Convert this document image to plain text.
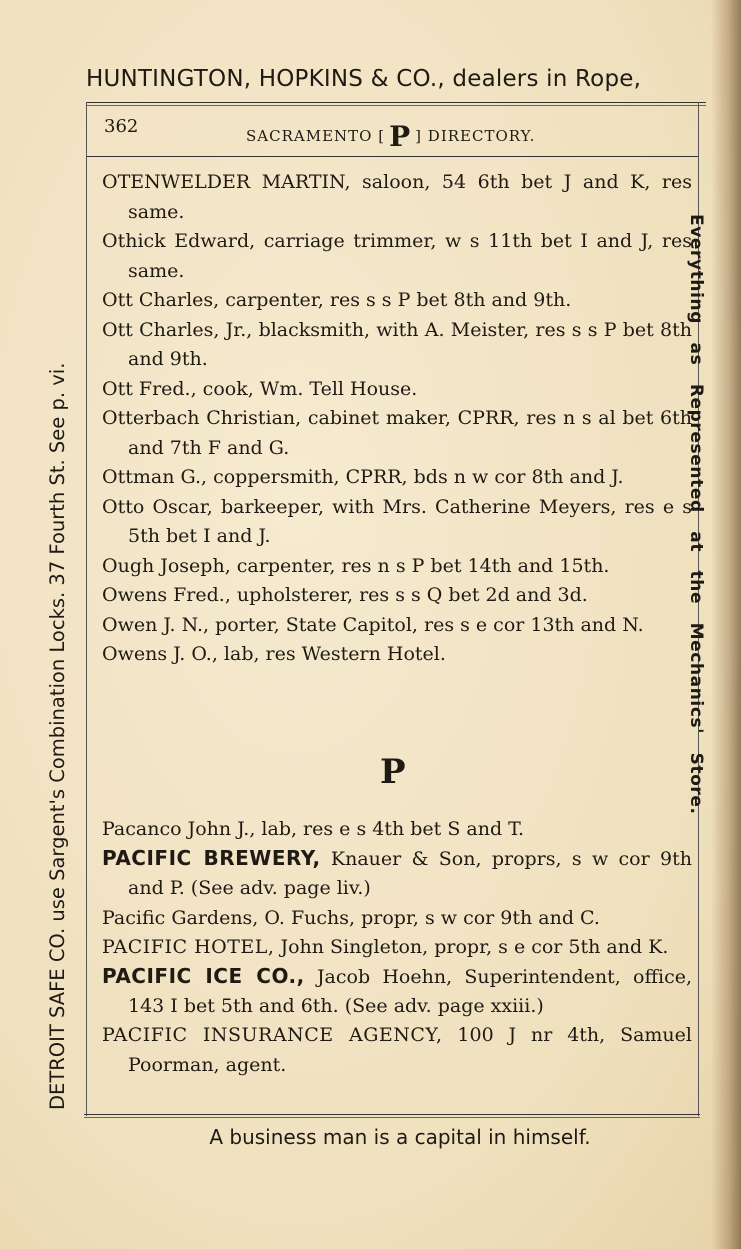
HUNTINGTON, HOPKINS & CO., dealers in Rope,
362	SACRAMENTO [ P ] DIRECTORY.

OTENWELDER MARTIN, saloon, 54 6th bet J and K, res same.

Othick Edward, carriage trimmer, w s 11th bet I and J, res same.

Ott Charles, carpenter, res s s P bet 8th and 9th.

Ott Charles, Jr., blacksmith, with A. Meister, res s s P bet 8th and 9th.

Ott Fred., cook, Wm. Tell House.

Otterbach Christian, cabinet maker, CPRR, res n s al bet 6th and 7th F and G.

Ottman G., coppersmith, CPRR, bds n w cor 8th and J.

Otto Oscar, barkeeper, with Mrs. Catherine Meyers, res e s 5th bet I and J.

Ough Joseph, carpenter, res n s P bet 14th and 15th.

Owens Fred., upholsterer, res s s Q bet 2d and 3d.

Owen J. N., porter, State Capitol, res s e cor 13th and N.

Owens J. O., lab, res Western Hotel.

P

Pacanco John J., lab, res e s 4th bet S and T.

PACIFIC BREWERY, Knauer & Son, proprs, s w cor 9th and P. (See adv. page liv.)

Pacific Gardens, O. Fuchs, propr, s w cor 9th and C.

PACIFIC HOTEL, John Singleton, propr, s e cor 5th and K.

PACIFIC ICE CO., Jacob Hoehn, Superintendent, office, 143 I bet 5th and 6th. (See adv. page xxiii.)

PACIFIC INSURANCE AGENCY, 100 J nr 4th, Samuel Poorman, agent.

A business man is a capital in himself.
DETROIT SAFE CO. use Sargent's Combination Locks. 37 Fourth St. See p. vi.	Everything as Represented at the Mechanics' Store.
